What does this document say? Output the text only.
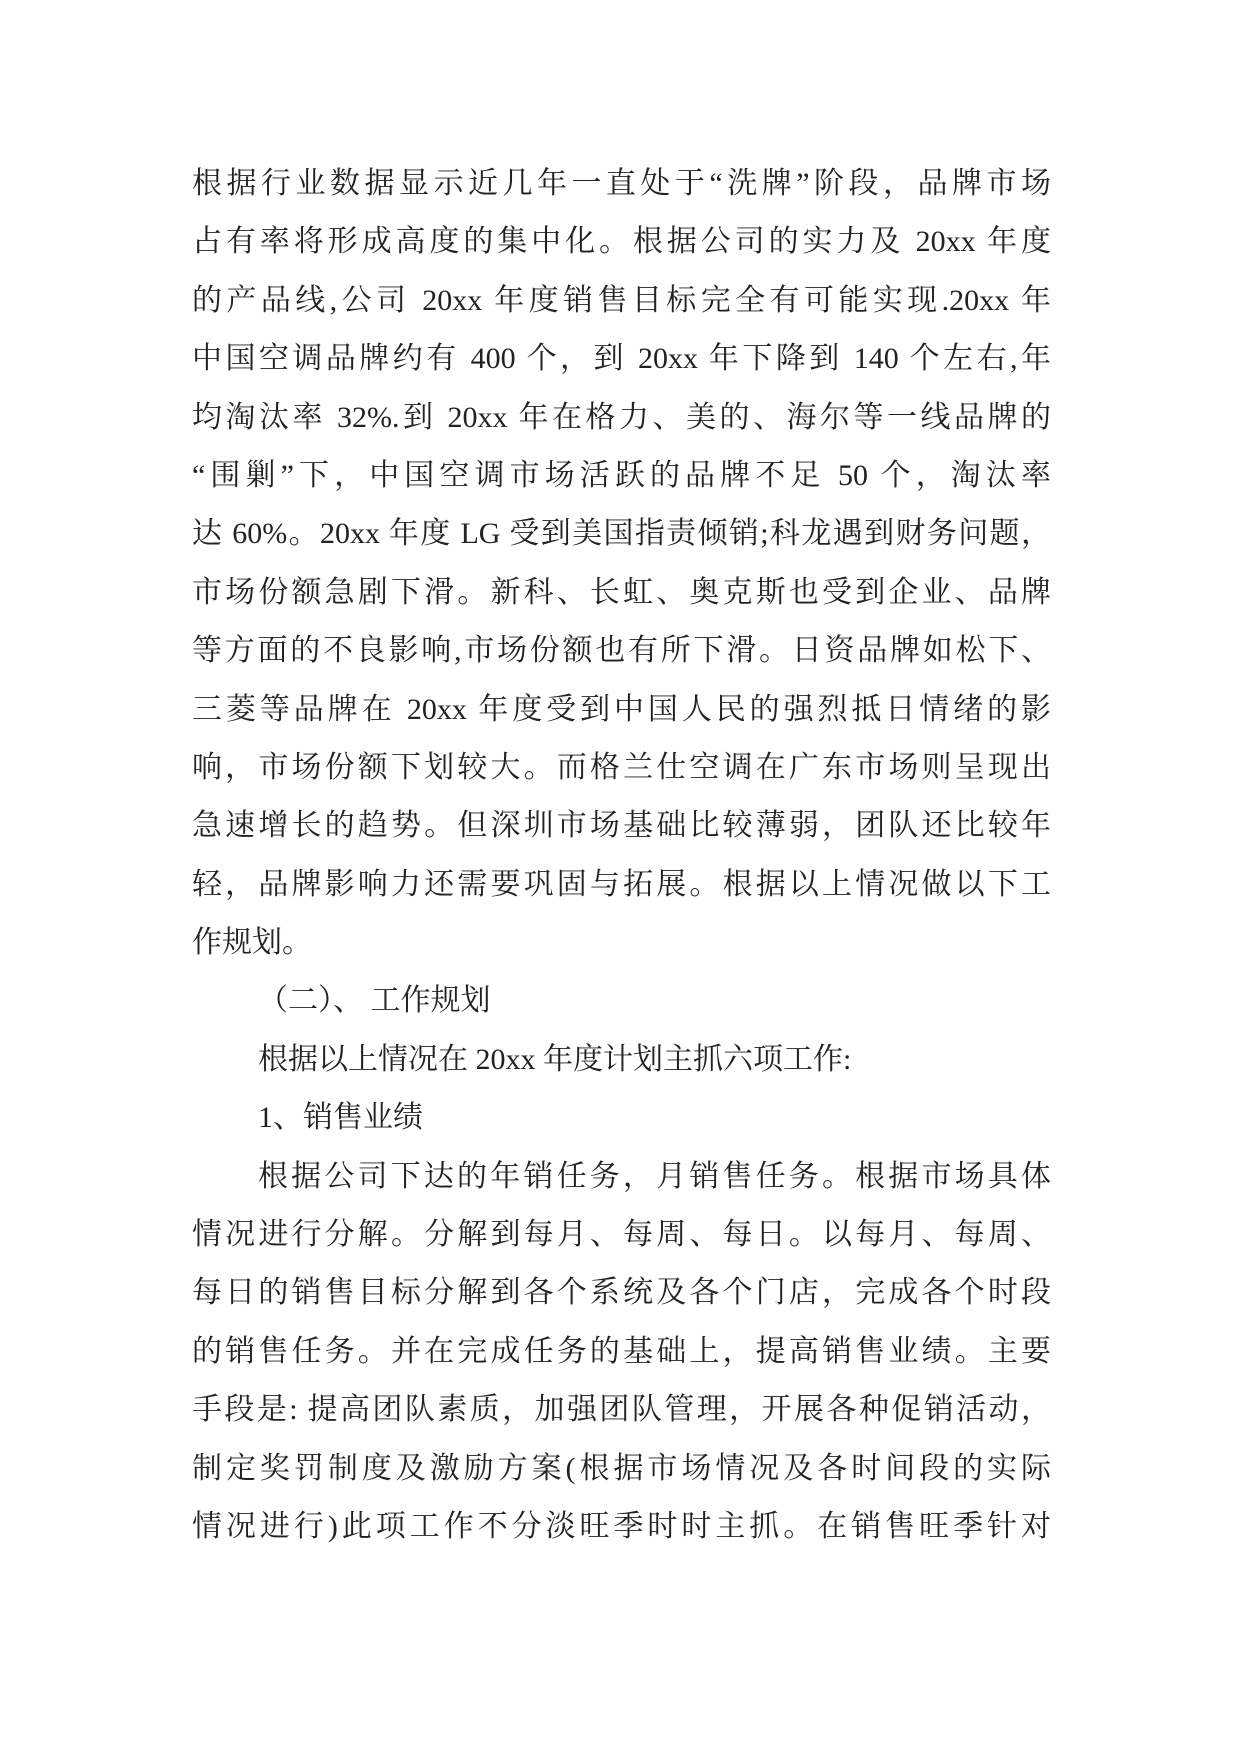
根据行业数据显示近几年一直处于“洗牌”阶段，品牌市场
占有率将形成高度的集中化。根据公司的实力及 20xx 年度
的产品线,公司 20xx 年度销售目标完全有可能实现.20xx 年
中国空调品牌约有 400 个，到 20xx 年下降到 140 个左右,年
均淘汰率 32%.到 20xx 年在格力、美的、海尔等一线品牌的
“围剿”下，中国空调市场活跃的品牌不足 50 个，淘汰率
达 60%。20xx 年度 LG 受到美国指责倾销;科龙遇到财务问题，
市场份额急剧下滑。新科、长虹、奥克斯也受到企业、品牌
等方面的不良影响,市场份额也有所下滑。日资品牌如松下、
三菱等品牌在 20xx 年度受到中国人民的强烈抵日情绪的影
响，市场份额下划较大。而格兰仕空调在广东市场则呈现出
急速增长的趋势。但深圳市场基础比较薄弱，团队还比较年
轻，品牌影响力还需要巩固与拓展。根据以上情况做以下工
作规划。
（二）、 工作规划
根据以上情况在 20xx 年度计划主抓六项工作:
1、销售业绩
根据公司下达的年销任务，月销售任务。根据市场具体
情况进行分解。分解到每月、每周、每日。以每月、每周、
每日的销售目标分解到各个系统及各个门店，完成各个时段
的销售任务。并在完成任务的基础上，提高销售业绩。主要
手段是: 提高团队素质，加强团队管理，开展各种促销活动，
制定奖罚制度及激励方案(根据市场情况及各时间段的实际
情况进行)此项工作不分淡旺季时时主抓。在销售旺季针对
